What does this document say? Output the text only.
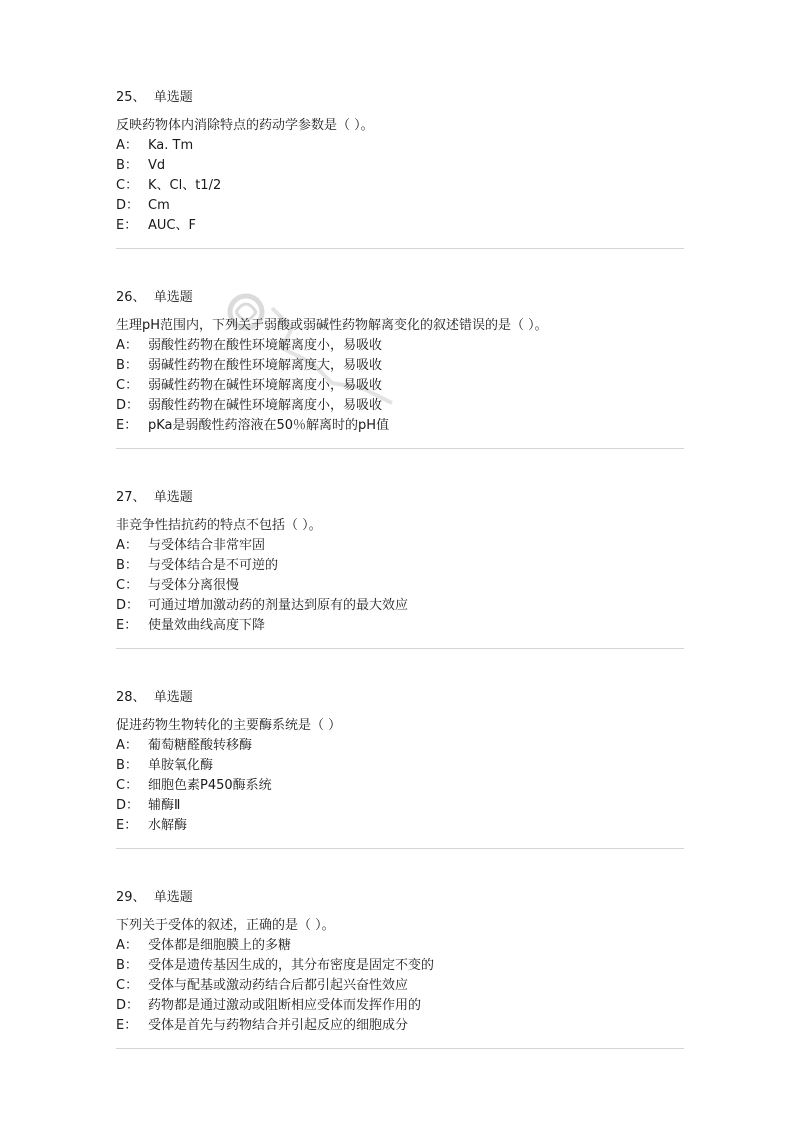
25、 单选题
反映药物体内消除特点的药动学参数是（ ）。
A： Ka. Tm
B： Vd
C： K、Cl、t1/2
D： Cm
E： AUC、F
26、 单选题
生理pH范围内，下列关于弱酸或弱碱性药物解离变化的叙述错误的是（ ）。
A： 弱酸性药物在酸性环境解离度小，易吸收
B： 弱碱性药物在酸性环境解离度大，易吸收
C： 弱碱性药物在碱性环境解离度小，易吸收
D： 弱酸性药物在碱性环境解离度小，易吸收
E： pKa是弱酸性药溶液在50％解离时的pH值
27、 单选题
非竞争性拮抗药的特点不包括（ ）。
A： 与受体结合非常牢固
B： 与受体结合是不可逆的
C： 与受体分离很慢
D： 可通过增加激动药的剂量达到原有的最大效应
E： 使量效曲线高度下降
28、 单选题
促进药物生物转化的主要酶系统是（ ）
A： 葡萄糖醛酸转移酶
B： 单胺氧化酶
C： 细胞色素P450酶系统
D： 辅酶Ⅱ
E： 水解酶
29、 单选题
下列关于受体的叙述，正确的是（ ）。
A： 受体都是细胞膜上的多糖
B： 受体是遗传基因生成的，其分布密度是固定不变的
C： 受体与配基或激动药结合后都引起兴奋性效应
D： 药物都是通过激动或阻断相应受体而发挥作用的
E： 受体是首先与药物结合并引起反应的细胞成分
